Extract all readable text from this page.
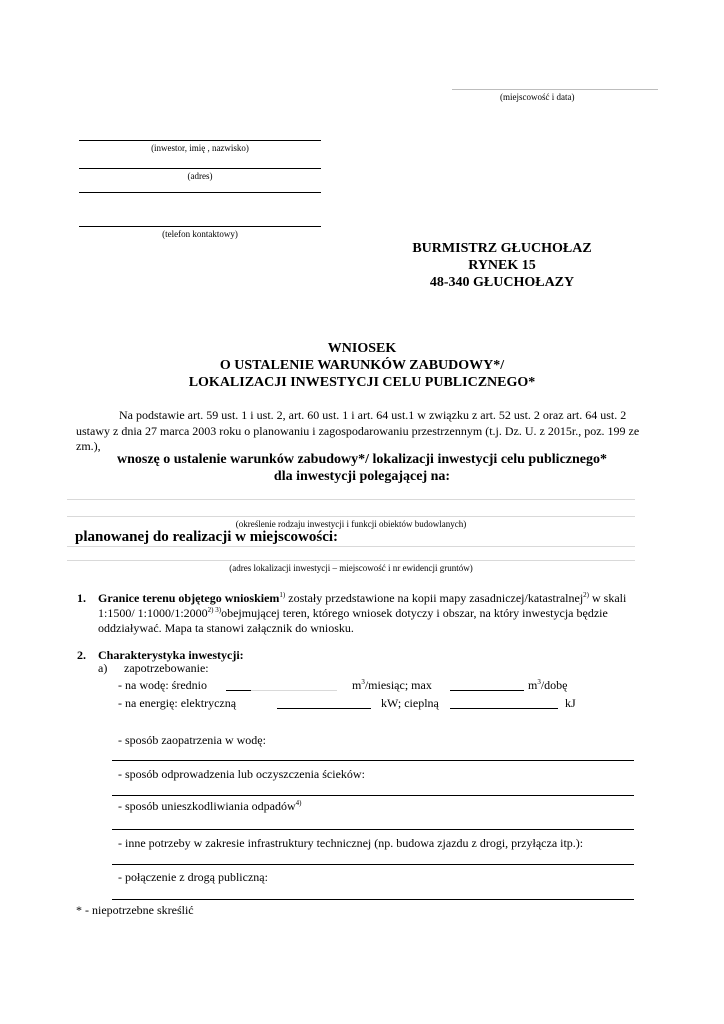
(miejscowość i data)
(inwestor, imię , nazwisko)
(adres)
(telefon kontaktowy)
BURMISTRZ GŁUCHOŁAZ
RYNEK 15
48-340 GŁUCHOŁAZY
WNIOSEK
O USTALENIE WARUNKÓW ZABUDOWY*/
LOKALIZACJI INWESTYCJI CELU PUBLICZNEGO*
Na podstawie art. 59 ust. 1 i ust. 2, art. 60 ust. 1 i art. 64 ust.1 w związku z art. 52 ust. 2 oraz art. 64 ust. 2
ustawy z dnia 27 marca 2003 roku o planowaniu i zagospodarowaniu przestrzennym (t.j. Dz. U. z 2015r., poz. 199 ze
zm.),
wnoszę o ustalenie warunków zabudowy*/ lokalizacji inwestycji celu publicznego*
dla inwestycji polegającej na:
(określenie rodzaju inwestycji i funkcji obiektów budowlanych)
planowanej do realizacji w miejscowości:
(adres lokalizacji inwestycji – miejscowość i nr ewidencji gruntów)
1. Granice terenu objętego wnioskiem$^{1)}$ zostały przedstawione na kopii mapy zasadniczej/katastralnej$^{2)}$ w skali
1:1500/ $1:1000/1:2000^{2) 3)}obejmującej$ teren, którego wniosek dotyczy i obszar, na który inwestycja będzie
oddziaływać. Mapa ta stanowi załącznik do wniosku.
2. Charakterystyka inwestycji:
a) zapotrzebowanie:
- na wodę: średnio	$m^3$/miesiąc; max	$m^3$/dobę
- na energię: elektryczną	kW; cieplną	kJ
- sposób zaopatrzenia w wodę:
- sposób odprowadzenia lub oczyszczenia ścieków:
- sposób unieszkodliwiania odpadów$^{4)}$
- inne potrzeby w zakresie infrastruktury technicznej (np. budowa zjazdu z drogi, przyłącza itp.):
- połączenie z drogą publiczną:
* - niepotrzebne skreślić
